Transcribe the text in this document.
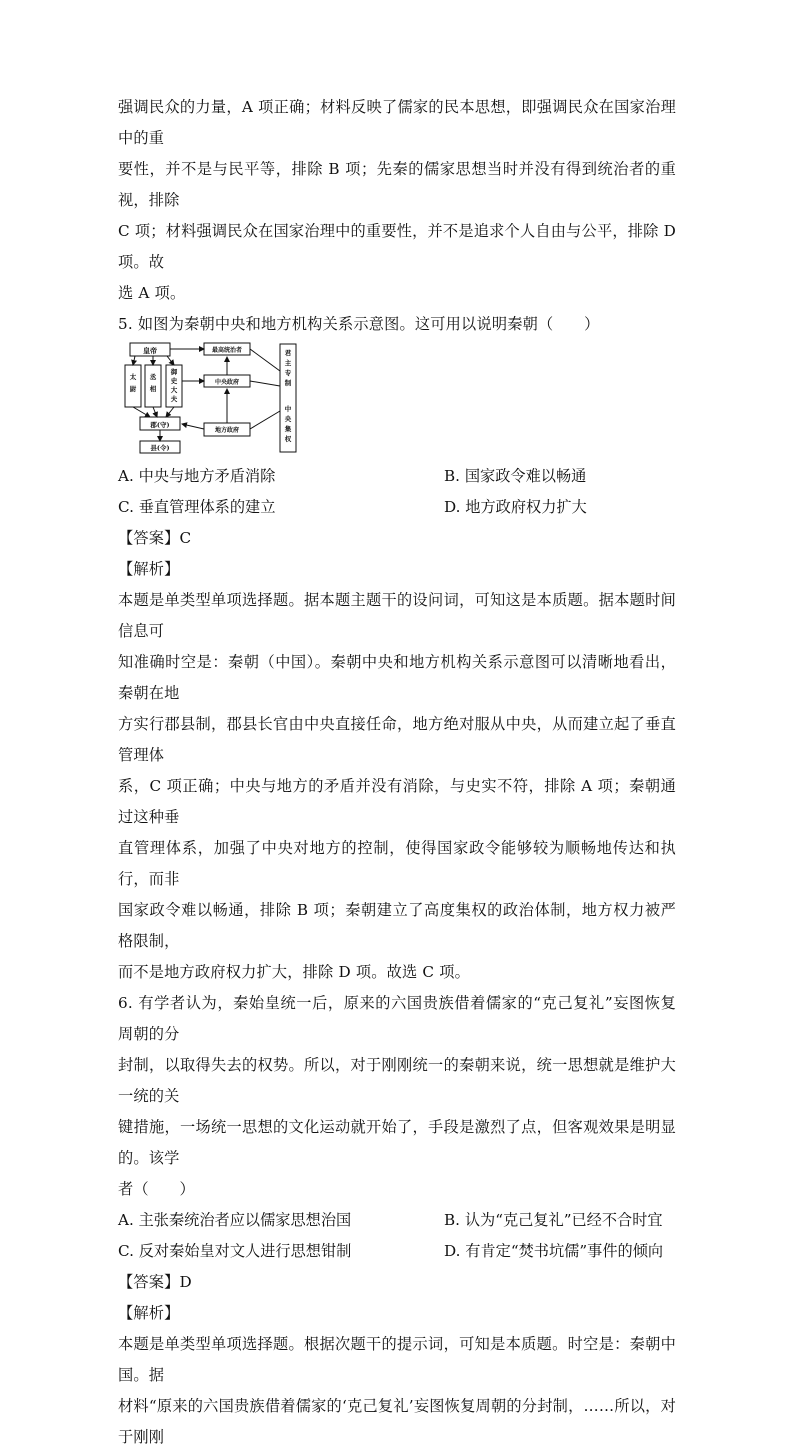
强调民众的力量，A 项正确；材料反映了儒家的民本思想，即强调民众在国家治理中的重

要性，并不是与民平等，排除 B 项；先秦的儒家思想当时并没有得到统治者的重视，排除

C 项；材料强调民众在国家治理中的重要性，并不是追求个人自由与公平，排除 D 项。故

选 A 项。

5. 如图为秦朝中央和地方机构关系示意图。这可用以说明秦朝（　　）

皇帝	最高统治者
中央政府
郡(守)
地方政府
县(令)
太尉
丞相
御史大夫
君主专制
中央集权
A. 中央与地方矛盾消除	B. 国家政令难以畅通
C. 垂直管理体系的建立	D. 地方政府权力扩大

【答案】C

【解析】

本题是单类型单项选择题。据本题主题干的设问词，可知这是本质题。据本题时间信息可

知准确时空是：秦朝（中国）。秦朝中央和地方机构关系示意图可以清晰地看出，秦朝在地

方实行郡县制，郡县长官由中央直接任命，地方绝对服从中央，从而建立起了垂直管理体

系，C 项正确；中央与地方的矛盾并没有消除，与史实不符，排除 A 项；秦朝通过这种垂

直管理体系，加强了中央对地方的控制，使得国家政令能够较为顺畅地传达和执行，而非

国家政令难以畅通，排除 B 项；秦朝建立了高度集权的政治体制，地方权力被严格限制，

而不是地方政府权力扩大，排除 D 项。故选 C 项。

6. 有学者认为，秦始皇统一后，原来的六国贵族借着儒家的“克己复礼”妄图恢复周朝的分

封制，以取得失去的权势。所以，对于刚刚统一的秦朝来说，统一思想就是维护大一统的关

键措施，一场统一思想的文化运动就开始了，手段是激烈了点，但客观效果是明显的。该学

者（　　）

A. 主张秦统治者应以儒家思想治国	B. 认为“克己复礼”已经不合时宜
C. 反对秦始皇对文人进行思想钳制	D. 有肯定“焚书坑儒”事件的倾向

【答案】D

【解析】

本题是单类型单项选择题。根据次题干的提示词，可知是本质题。时空是：秦朝中国。据

材料“原来的六国贵族借着儒家的‘克己复礼’妄图恢复周朝的分封制，……所以，对于刚刚
